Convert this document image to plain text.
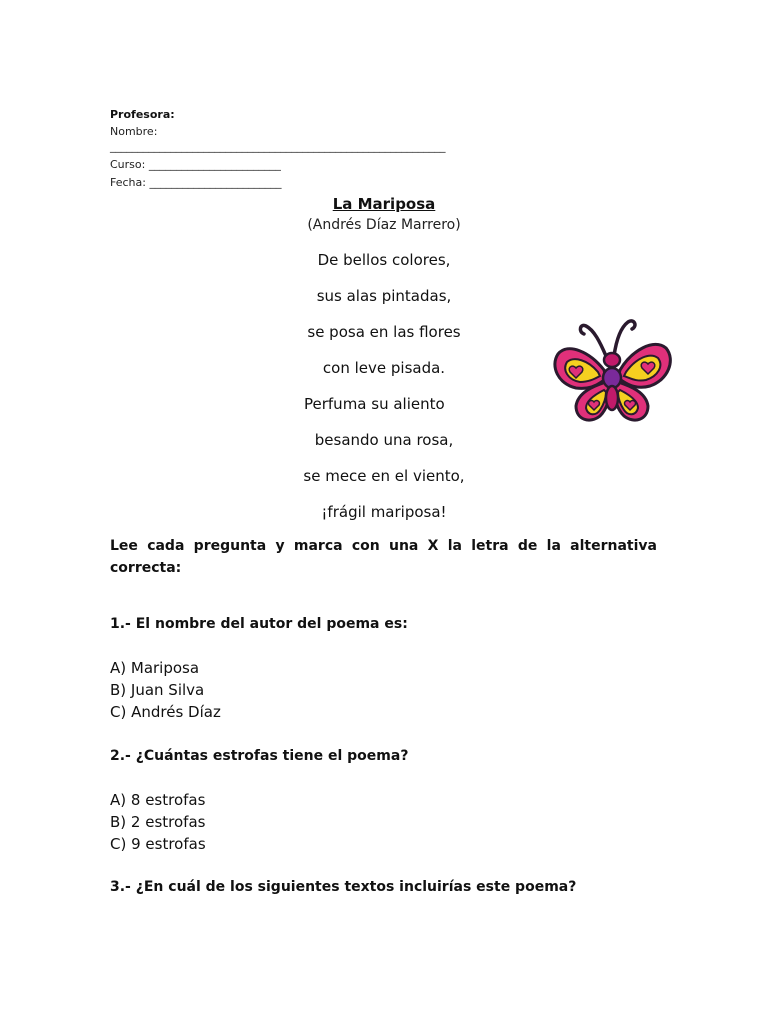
Profesora:
Nombre:
_____________________________________________________________
Curso: ________________________
Fecha: ________________________
La Mariposa
(Andrés Díaz Marrero)
De bellos colores,
sus alas pintadas,
se posa en las flores
con leve pisada.
Perfuma su aliento
besando una rosa,
se mece en el viento,
¡frágil mariposa!
Lee cada pregunta y marca con una X la letra de la alternativa
correcta:
1.- El nombre del autor del poema es:
A) Mariposa
B) Juan Silva
C) Andrés Díaz
2.- ¿Cuántas estrofas tiene el poema?
A) 8 estrofas
B) 2 estrofas
C) 9 estrofas
3.- ¿En cuál de los siguientes textos incluirías este poema?
